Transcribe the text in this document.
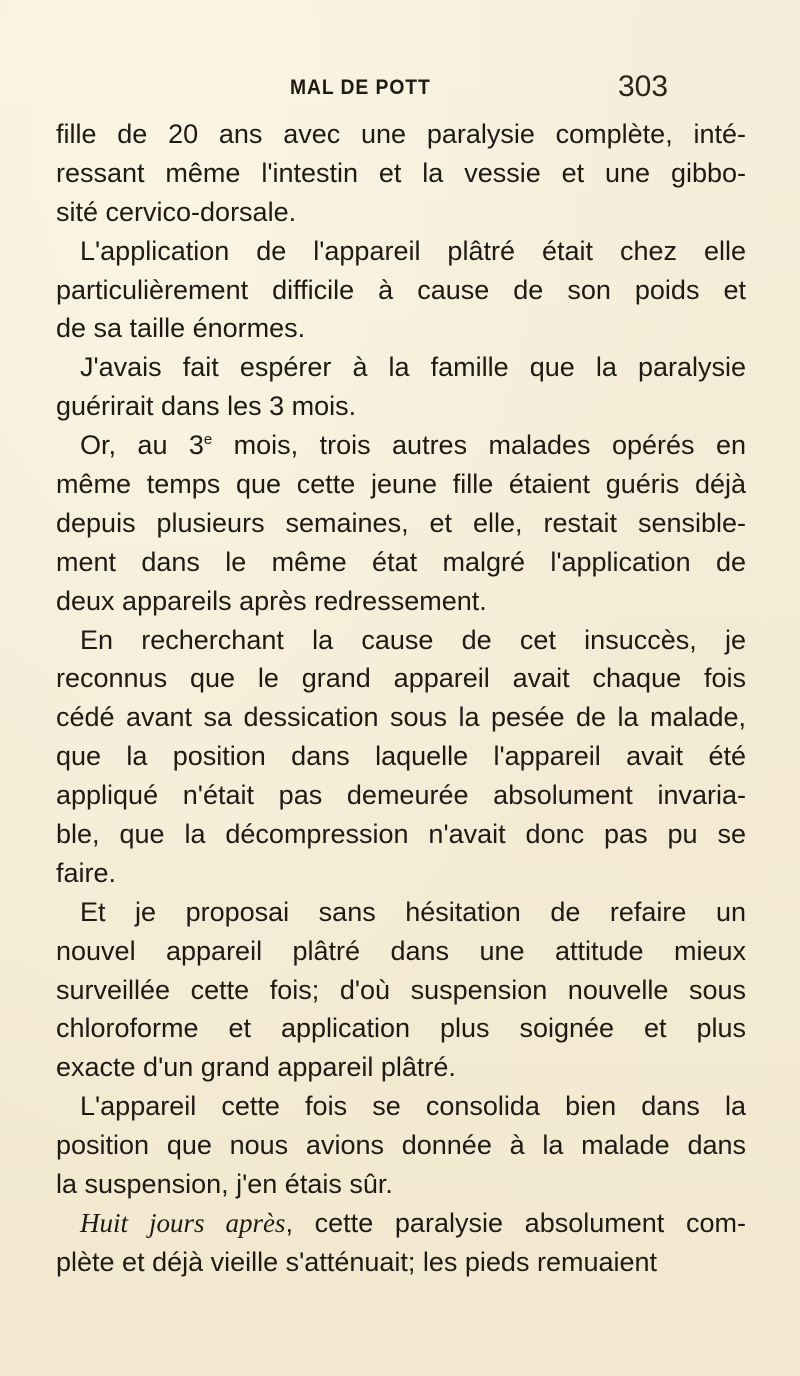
MAL DE POTT	303
fille de 20 ans avec une paralysie complète, inté-
ressant même l'intestin et la vessie et une gibbo-
sité cervico-dorsale.
L'application de l'appareil plâtré était chez elle
particulièrement difficile à cause de son poids et
de sa taille énormes.
J'avais fait espérer à la famille que la paralysie
guérirait dans les 3 mois.
Or, au 3e mois, trois autres malades opérés en
même temps que cette jeune fille étaient guéris déjà
depuis plusieurs semaines, et elle, restait sensible-
ment dans le même état malgré l'application de
deux appareils après redressement.
En recherchant la cause de cet insuccès, je
reconnus que le grand appareil avait chaque fois
cédé avant sa dessication sous la pesée de la malade,
que la position dans laquelle l'appareil avait été
appliqué n'était pas demeurée absolument invaria-
ble, que la décompression n'avait donc pas pu se
faire.
Et je proposai sans hésitation de refaire un
nouvel appareil plâtré dans une attitude mieux
surveillée cette fois; d'où suspension nouvelle sous
chloroforme et application plus soignée et plus
exacte d'un grand appareil plâtré.
L'appareil cette fois se consolida bien dans la
position que nous avions donnée à la malade dans
la suspension, j'en étais sûr.
Huit jours après, cette paralysie absolument com-
plète et déjà vieille s'atténuait; les pieds remuaient
